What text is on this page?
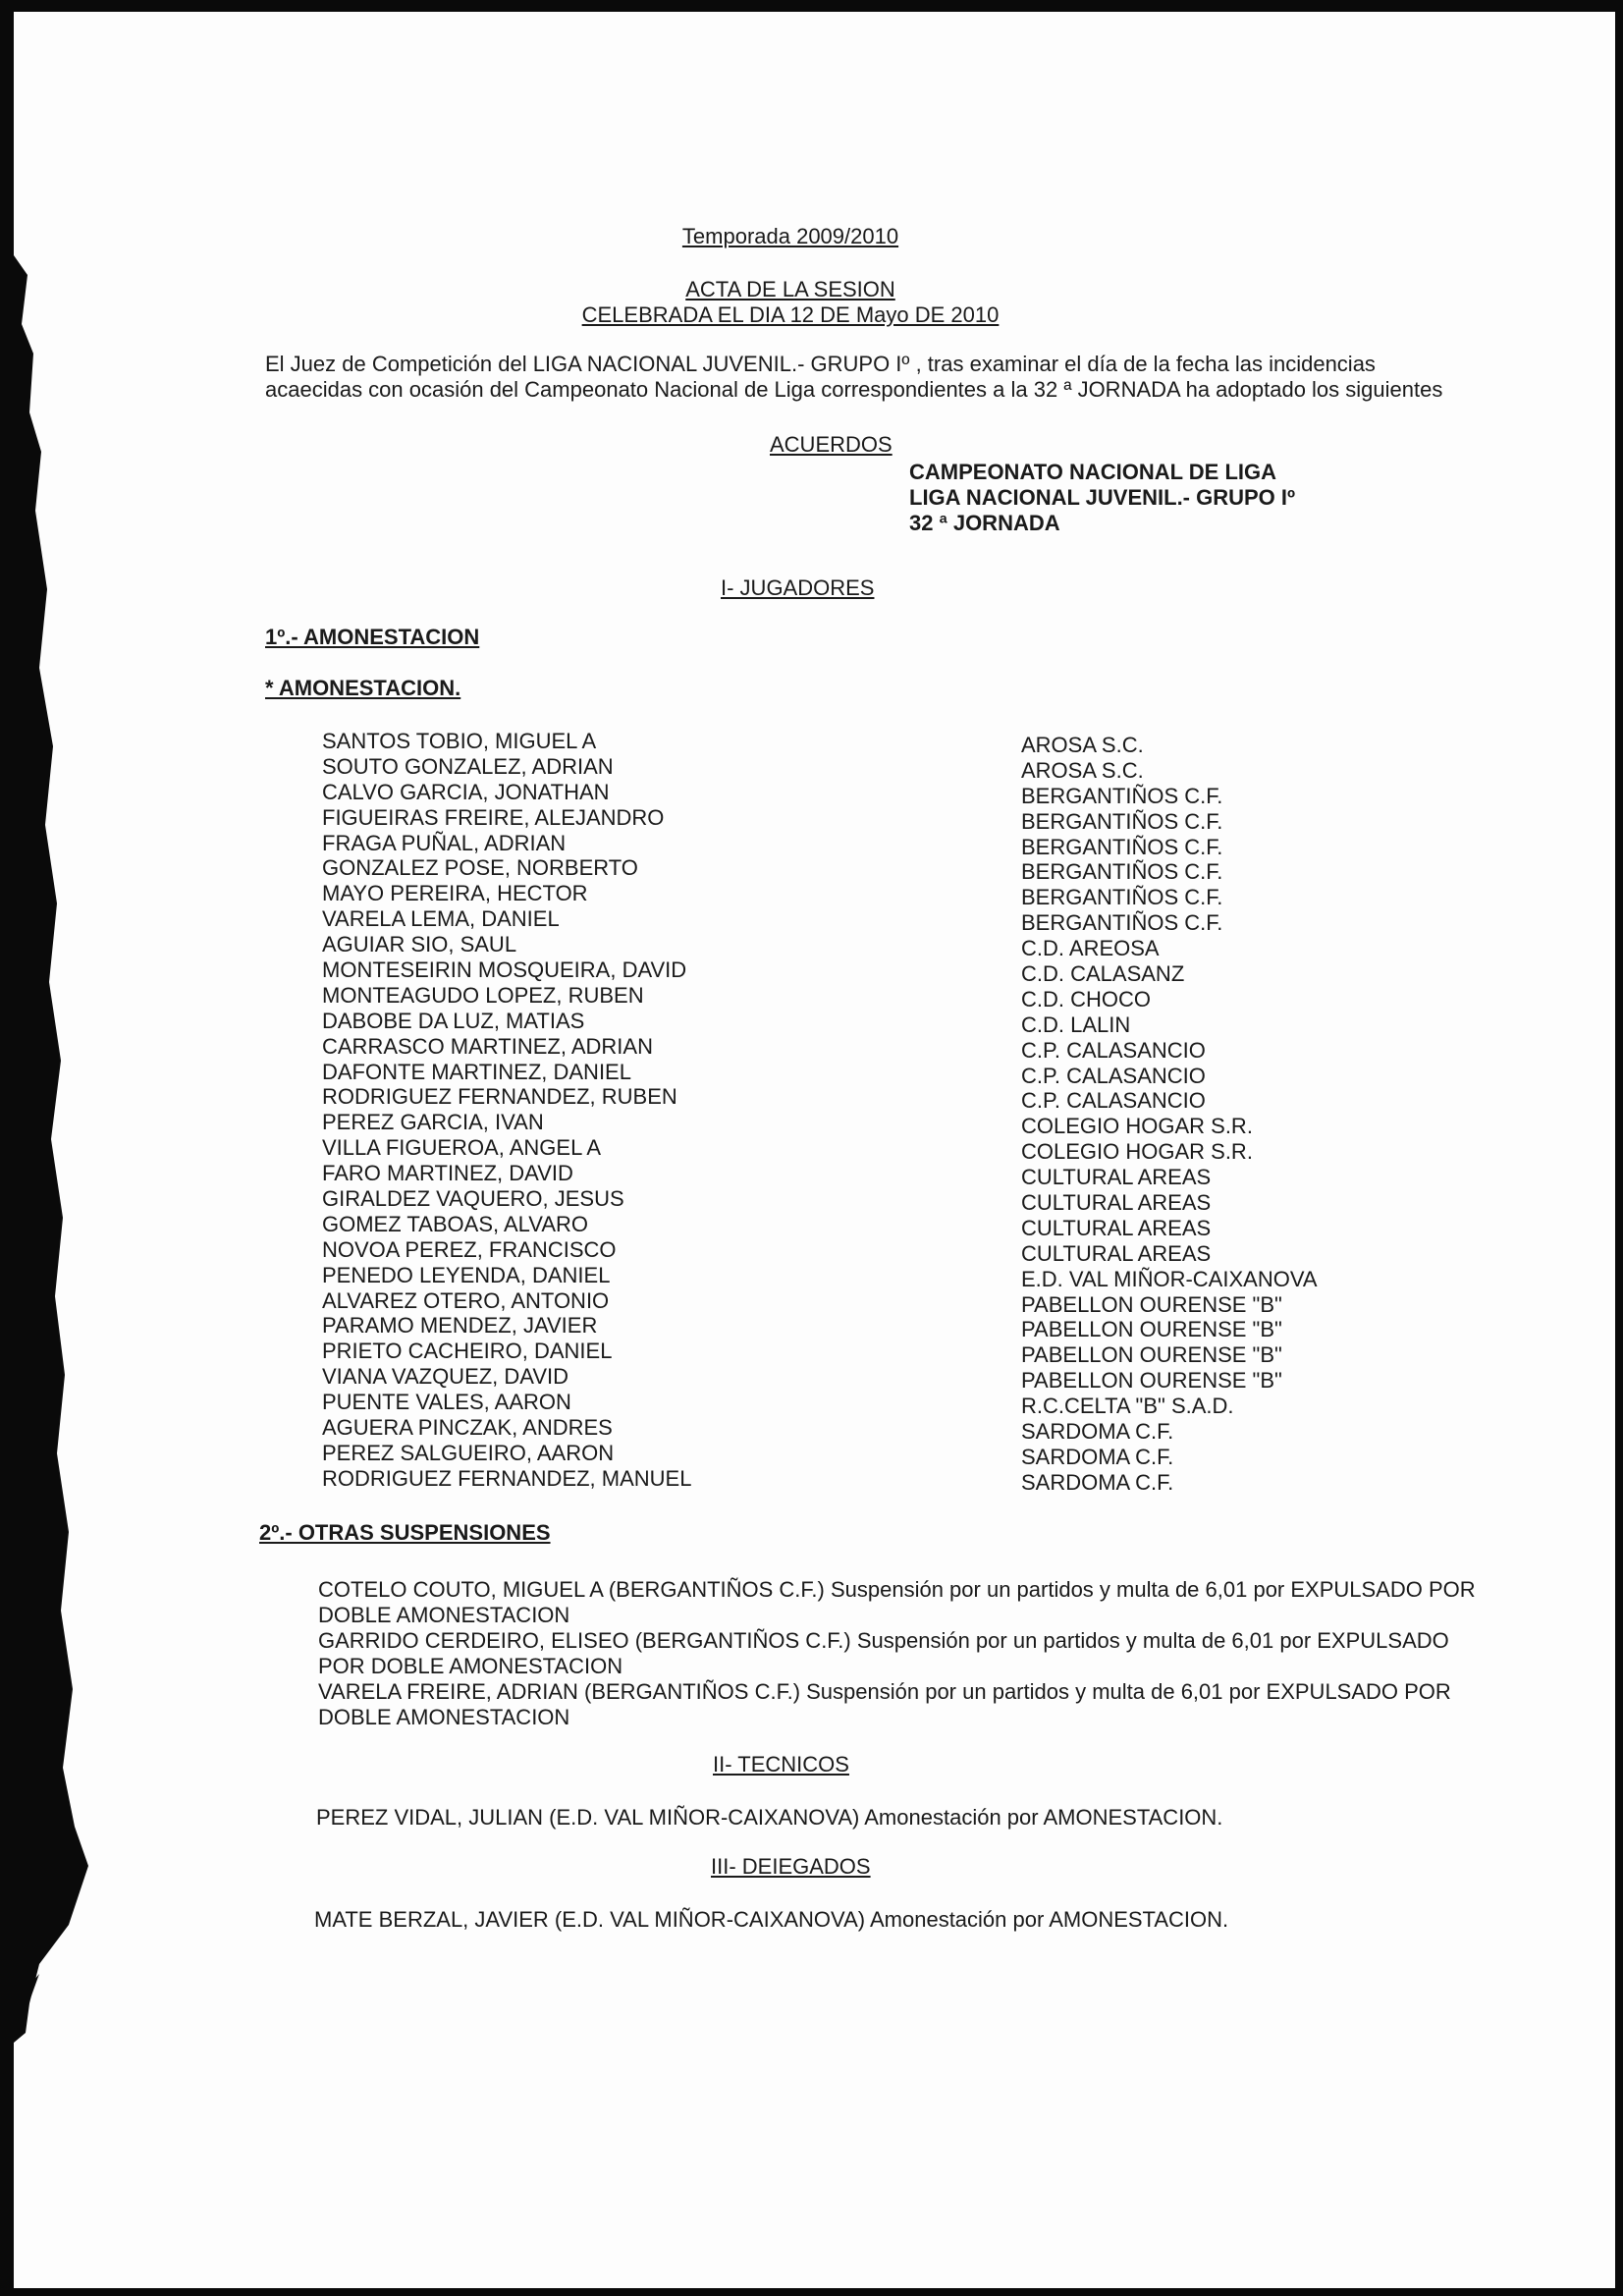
Temporada 2009/2010
ACTA DE LA SESION
CELEBRADA EL DIA 12 DE Mayo DE 2010
El Juez de Competición del LIGA NACIONAL JUVENIL.- GRUPO Iº , tras examinar el día de la fecha las incidencias
acaecidas con ocasión del Campeonato Nacional de Liga correspondientes a la 32 ª JORNADA ha adoptado los siguientes
ACUERDOS
CAMPEONATO NACIONAL DE LIGA
LIGA NACIONAL JUVENIL.- GRUPO Iº
32 ª JORNADA
I- JUGADORES
1º.- AMONESTACION
* AMONESTACION.
SANTOS TOBIO, MIGUEL A
SOUTO GONZALEZ, ADRIAN
CALVO GARCIA, JONATHAN
FIGUEIRAS FREIRE, ALEJANDRO
FRAGA PUÑAL, ADRIAN
GONZALEZ POSE, NORBERTO
MAYO PEREIRA, HECTOR
VARELA LEMA, DANIEL
AGUIAR SIO, SAUL
MONTESEIRIN MOSQUEIRA, DAVID
MONTEAGUDO LOPEZ, RUBEN
DABOBE DA LUZ, MATIAS
CARRASCO MARTINEZ, ADRIAN
DAFONTE MARTINEZ, DANIEL
RODRIGUEZ FERNANDEZ, RUBEN
PEREZ GARCIA, IVAN
VILLA FIGUEROA, ANGEL A
FARO MARTINEZ, DAVID
GIRALDEZ VAQUERO, JESUS
GOMEZ TABOAS, ALVARO
NOVOA PEREZ, FRANCISCO
PENEDO LEYENDA, DANIEL
ALVAREZ OTERO, ANTONIO
PARAMO MENDEZ, JAVIER
PRIETO CACHEIRO, DANIEL
VIANA VAZQUEZ, DAVID
PUENTE VALES, AARON
AGUERA PINCZAK, ANDRES
PEREZ SALGUEIRO, AARON
RODRIGUEZ FERNANDEZ, MANUEL
AROSA S.C.
AROSA S.C.
BERGANTIÑOS C.F.
BERGANTIÑOS C.F.
BERGANTIÑOS C.F.
BERGANTIÑOS C.F.
BERGANTIÑOS C.F.
BERGANTIÑOS C.F.
C.D. AREOSA
C.D. CALASANZ
C.D. CHOCO
C.D. LALIN
C.P. CALASANCIO
C.P. CALASANCIO
C.P. CALASANCIO
COLEGIO HOGAR S.R.
COLEGIO HOGAR S.R.
CULTURAL AREAS
CULTURAL AREAS
CULTURAL AREAS
CULTURAL AREAS
E.D. VAL MIÑOR-CAIXANOVA
PABELLON OURENSE "B"
PABELLON OURENSE "B"
PABELLON OURENSE "B"
PABELLON OURENSE "B"
R.C.CELTA "B" S.A.D.
SARDOMA C.F.
SARDOMA C.F.
SARDOMA C.F.
2º.- OTRAS SUSPENSIONES
COTELO COUTO, MIGUEL A (BERGANTIÑOS C.F.) Suspensión por un partidos y multa de 6,01 por EXPULSADO POR
DOBLE AMONESTACION
GARRIDO CERDEIRO, ELISEO (BERGANTIÑOS C.F.) Suspensión por un partidos y multa de 6,01 por EXPULSADO
POR DOBLE AMONESTACION
VARELA FREIRE, ADRIAN (BERGANTIÑOS C.F.) Suspensión por un partidos y multa de 6,01 por EXPULSADO POR
DOBLE AMONESTACION
II- TECNICOS
PEREZ VIDAL, JULIAN (E.D. VAL MIÑOR-CAIXANOVA) Amonestación por AMONESTACION.
III- DEIEGADOS
MATE BERZAL, JAVIER (E.D. VAL MIÑOR-CAIXANOVA) Amonestación por AMONESTACION.
